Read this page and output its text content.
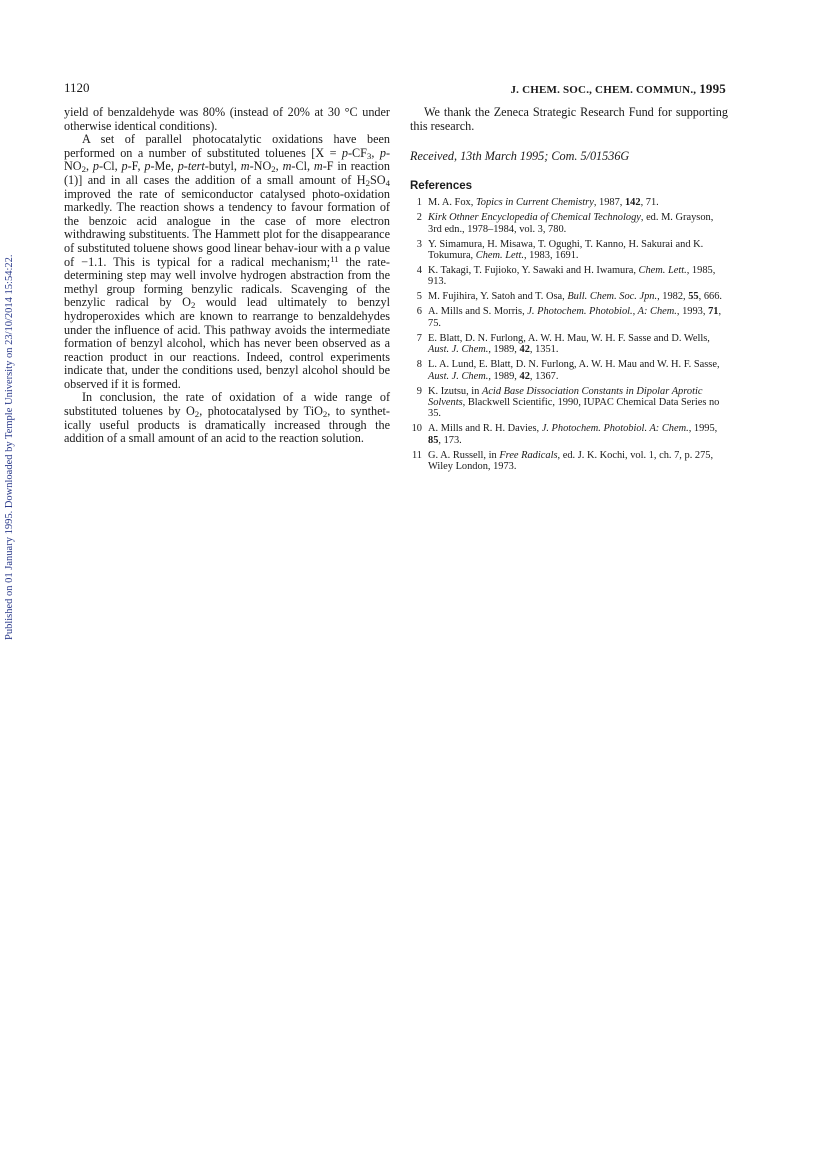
Published on 01 January 1995. Downloaded by Temple University on 23/10/2014 15:54:22.
1120	J. CHEM. SOC., CHEM. COMMUN., 1995

yield of benzaldehyde was 80% (instead of 20% at 30 °C under otherwise identical conditions).

A set of parallel photocatalytic oxidations have been performed on a number of substituted toluenes [$X = p-CF_3$, $p-NO_2$, p-Cl, p-F, p-Me, p-tert-butyl, $m-NO_2$, m-Cl, m-F in reaction (1)] and in all cases the addition of a small amount of $H_2SO_4$ improved the rate of semiconductor catalysed photo-oxidation markedly. The reaction shows a tendency to favour formation of the benzoic acid analogue in the case of more electron withdrawing substituents. The Hammett plot for the disappearance of substituted toluene shows good linear behav-iour with a ρ value of −1.1. This is typical for a radical mechanism;$^{11}$ the rate-determining step may well involve hydrogen abstraction from the methyl group forming benzylic radicals. Scavenging of the benzylic radical by $O_2$ would lead ultimately to benzyl hydroperoxides which are known to rearrange to benzaldehydes under the influence of acid. This pathway avoids the intermediate formation of benzyl alcohol, which has never been observed as a reaction product in our reactions. Indeed, control experiments indicate that, under the conditions used, benzyl alcohol should be observed if it is formed.

In conclusion, the rate of oxidation of a wide range of substituted toluenes by $O_2$, photocatalysed by TiO$_2$, to synthet-ically useful products is dramatically increased through the addition of a small amount of an acid to the reaction solution.

We thank the Zeneca Strategic Research Fund for supporting this research.

Received, 13th March 1995; Com. 5/01536G

References
1 M. A. Fox, Topics in Current Chemistry, 1987, 142, 71.
2 Kirk Othner Encyclopedia of Chemical Technology, ed. M. Grayson, 3rd edn., 1978–1984, vol. 3, 780.
3 Y. Simamura, H. Misawa, T. Ogughi, T. Kanno, H. Sakurai and K. Tokumura, Chem. Lett., 1983, 1691.
4 K. Takagi, T. Fujioko, Y. Sawaki and H. Iwamura, Chem. Lett., 1985, 913.
5 M. Fujihira, Y. Satoh and T. Osa, Bull. Chem. Soc. Jpn., 1982, 55, 666.
6 A. Mills and S. Morris, J. Photochem. Photobiol., A: Chem., 1993, 71, 75.
7 E. Blatt, D. N. Furlong, A. W. H. Mau, W. H. F. Sasse and D. Wells, Aust. J. Chem., 1989, 42, 1351.
8 L. A. Lund, E. Blatt, D. N. Furlong, A. W. H. Mau and W. H. F. Sasse, Aust. J. Chem., 1989, 42, 1367.
9 K. Izutsu, in Acid Base Dissociation Constants in Dipolar Aprotic Solvents, Blackwell Scientific, 1990, IUPAC Chemical Data Series no 35.
10 A. Mills and R. H. Davies, J. Photochem. Photobiol. A: Chem., 1995, 85, 173.
11 G. A. Russell, in Free Radicals, ed. J. K. Kochi, vol. 1, ch. 7, p. 275, Wiley London, 1973.
